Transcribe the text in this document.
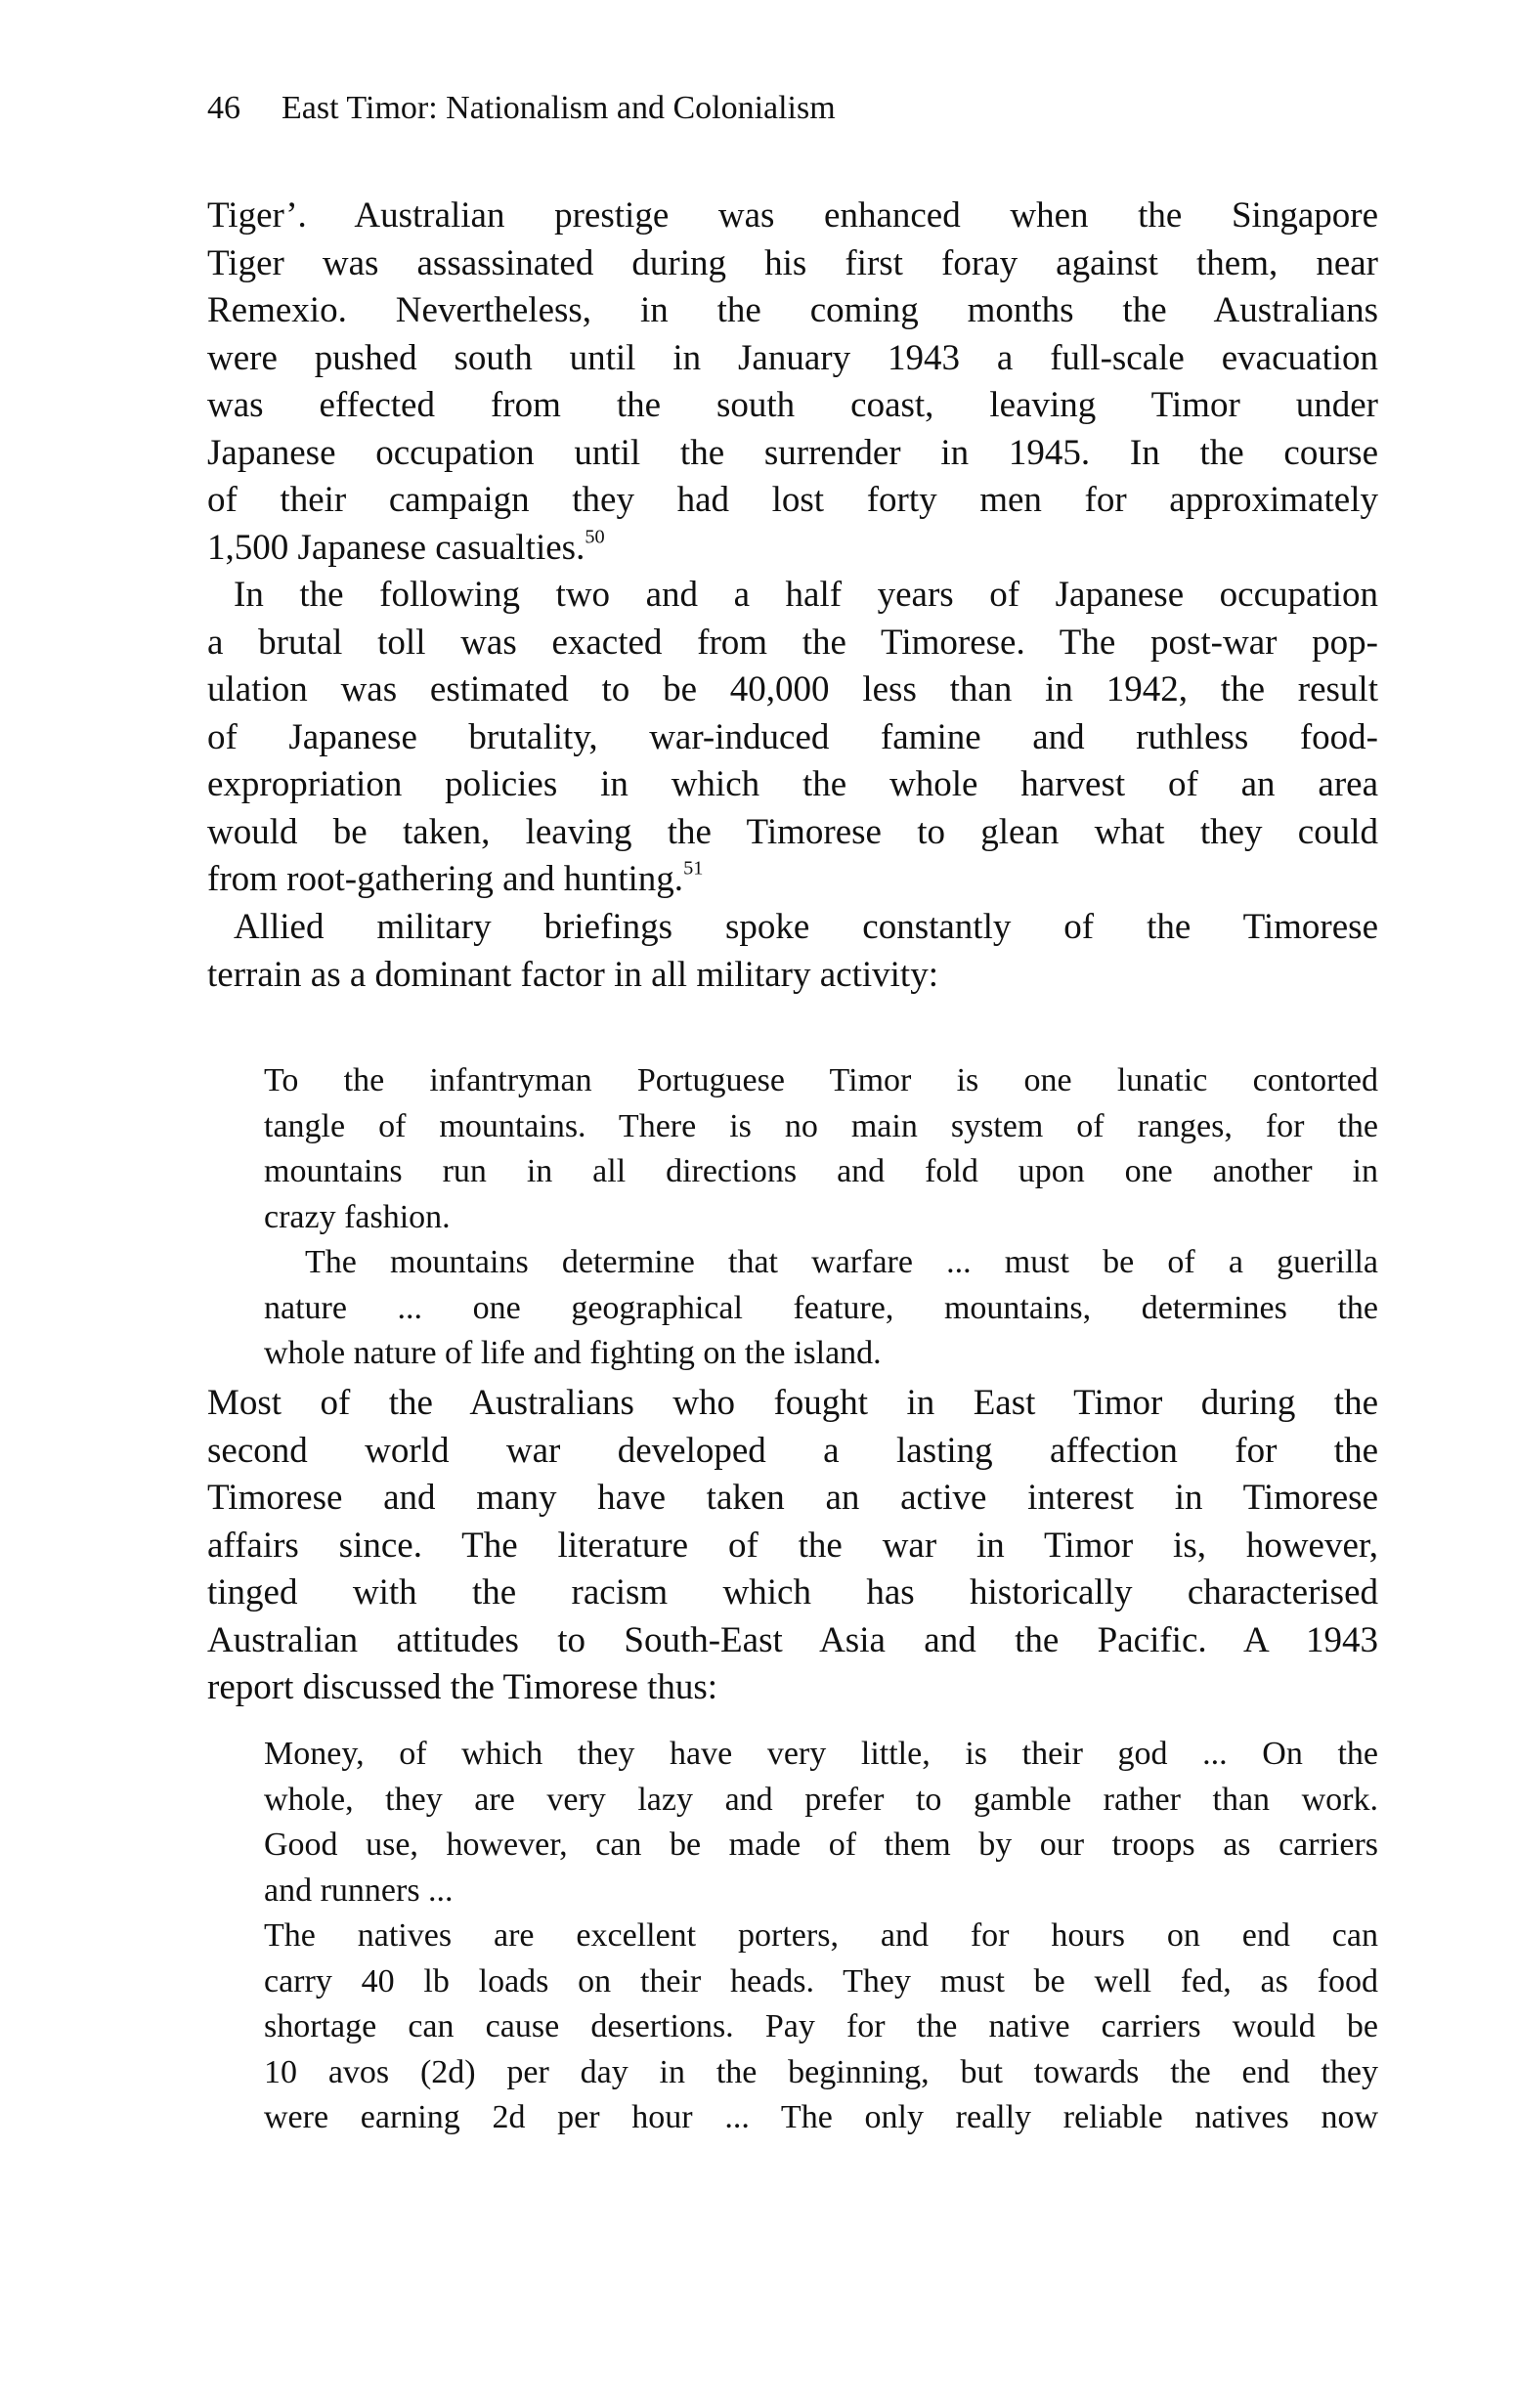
46 East Timor: Nationalism and Colonialism
Tiger’. Australian prestige was enhanced when the Singapore
Tiger was assassinated during his first foray against them, near
Remexio. Nevertheless, in the coming months the Australians
were pushed south until in January 1943 a full-scale evacuation
was effected from the south coast, leaving Timor under
Japanese occupation until the surrender in 1945. In the course
of their campaign they had lost forty men for approximately
1,500 Japanese casualties.$^{50}$
In the following two and a half years of Japanese occupation
a brutal toll was exacted from the Timorese. The post-war pop-
ulation was estimated to be 40,000 less than in 1942, the result
of Japanese brutality, war-induced famine and ruthless food-
expropriation policies in which the whole harvest of an area
would be taken, leaving the Timorese to glean what they could
from root-gathering and hunting.$^{51}$
Allied military briefings spoke constantly of the Timorese
terrain as a dominant factor in all military activity:
To the infantryman Portuguese Timor is one lunatic contorted
tangle of mountains. There is no main system of ranges, for the
mountains run in all directions and fold upon one another in
crazy fashion.
The mountains determine that warfare ... must be of a guerilla
nature ... one geographical feature, mountains, determines the
whole nature of life and fighting on the island.
Most of the Australians who fought in East Timor during the
second world war developed a lasting affection for the
Timorese and many have taken an active interest in Timorese
affairs since. The literature of the war in Timor is, however,
tinged with the racism which has historically characterised
Australian attitudes to South-East Asia and the Pacific. A 1943
report discussed the Timorese thus:
Money, of which they have very little, is their god ... On the
whole, they are very lazy and prefer to gamble rather than work.
Good use, however, can be made of them by our troops as carriers
and runners ...
The natives are excellent porters, and for hours on end can
carry 40 lb loads on their heads. They must be well fed, as food
shortage can cause desertions. Pay for the native carriers would be
10 avos (2d) per day in the beginning, but towards the end they
were earning 2d per hour ... The only really reliable natives now
